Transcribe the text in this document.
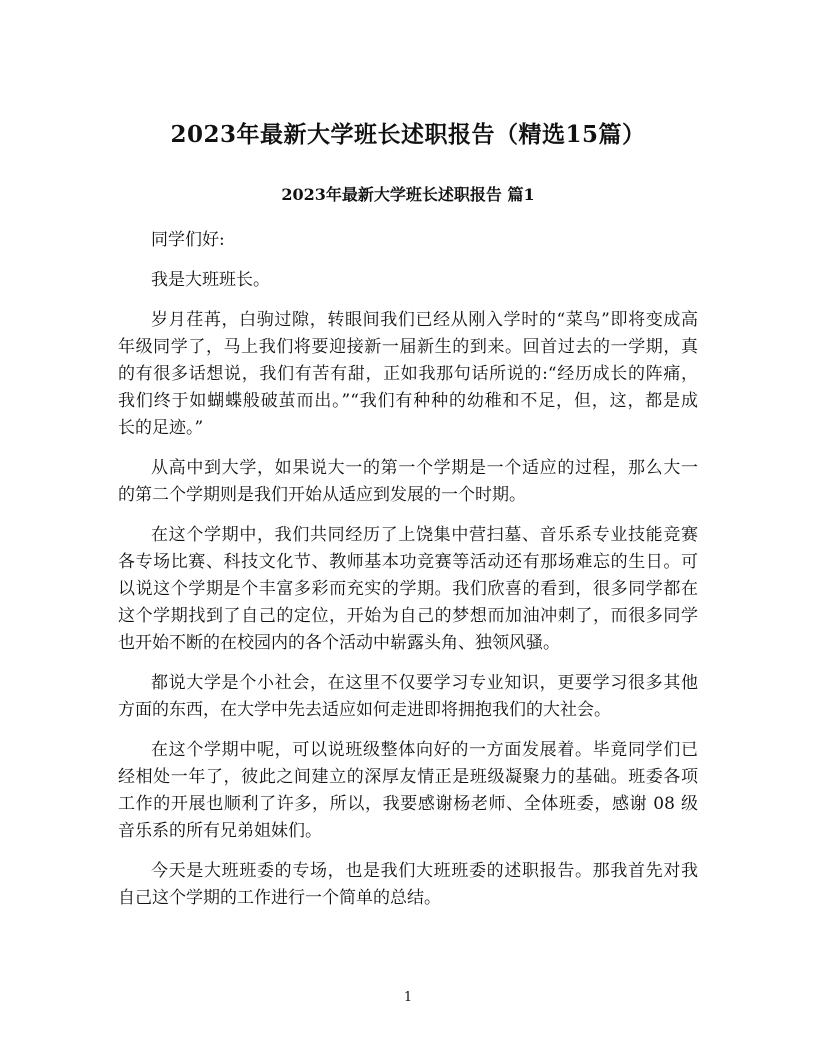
2023年最新大学班长述职报告（精选15篇）
2023年最新大学班长述职报告 篇1

同学们好:

我是大班班长。

岁月荏苒，白驹过隙，转眼间我们已经从刚入学时的“菜鸟”即将变成高
年级同学了，马上我们将要迎接新一届新生的到来。回首过去的一学期，真
的有很多话想说，我们有苦有甜，正如我那句话所说的:“经历成长的阵痛，
我们终于如蝴蝶般破茧而出。”“我们有种种的幼稚和不足，但，这，都是成
长的足迹。”

从高中到大学，如果说大一的第一个学期是一个适应的过程，那么大一
的第二个学期则是我们开始从适应到发展的一个时期。

在这个学期中，我们共同经历了上饶集中营扫墓、音乐系专业技能竞赛
各专场比赛、科技文化节、教师基本功竞赛等活动还有那场难忘的生日。可
以说这个学期是个丰富多彩而充实的学期。我们欣喜的看到，很多同学都在
这个学期找到了自己的定位，开始为自己的梦想而加油冲刺了，而很多同学
也开始不断的在校园内的各个活动中崭露头角、独领风骚。

都说大学是个小社会，在这里不仅要学习专业知识，更要学习很多其他
方面的东西，在大学中先去适应如何走进即将拥抱我们的大社会。

在这个学期中呢，可以说班级整体向好的一方面发展着。毕竟同学们已
经相处一年了，彼此之间建立的深厚友情正是班级凝聚力的基础。班委各项
工作的开展也顺利了许多，所以，我要感谢杨老师、全体班委，感谢 08 级
音乐系的所有兄弟姐妹们。

今天是大班班委的专场，也是我们大班班委的述职报告。那我首先对我
自己这个学期的工作进行一个简单的总结。

1
